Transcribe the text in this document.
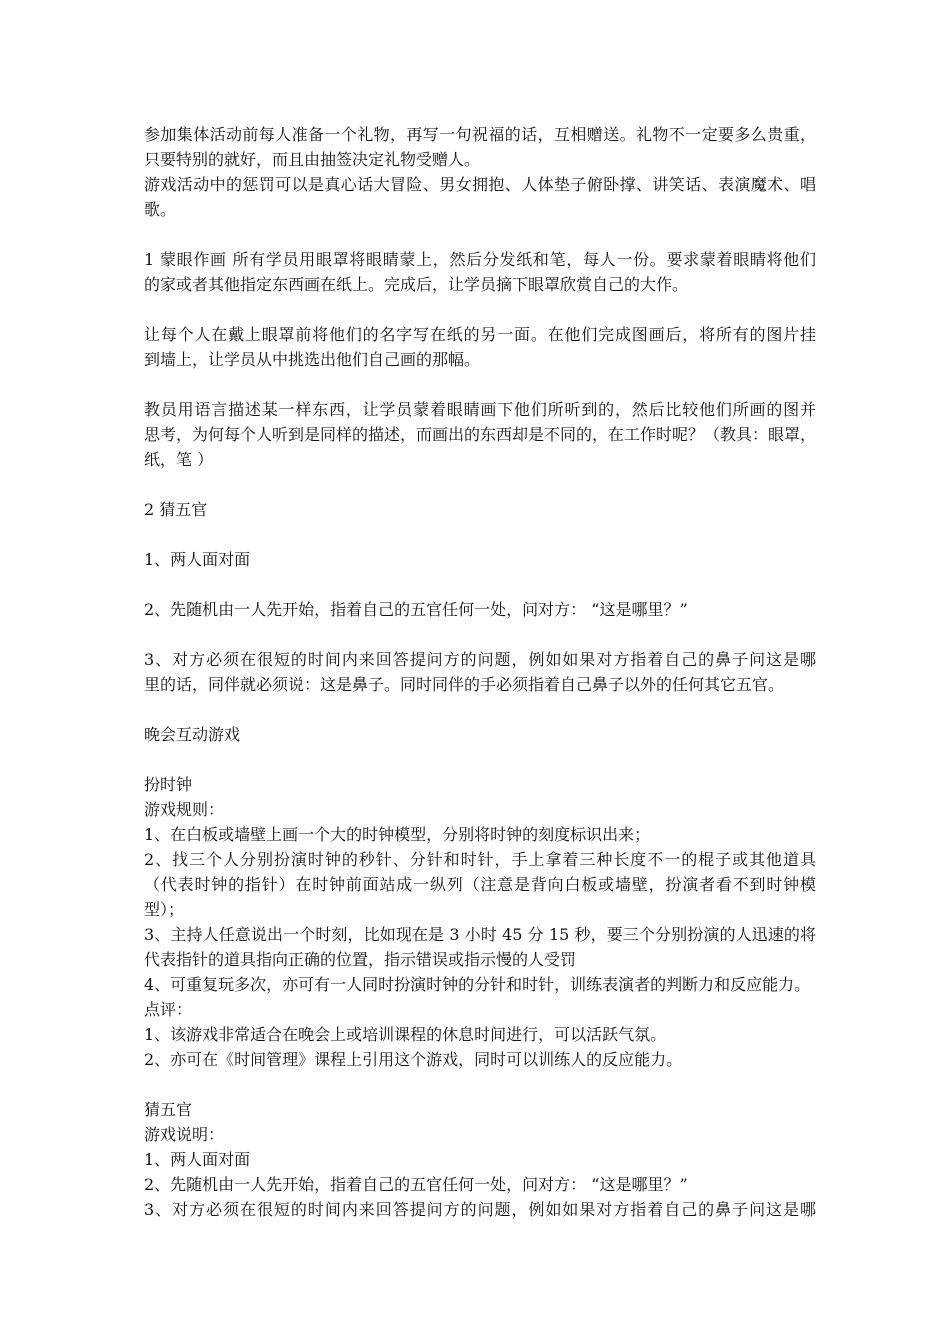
参加集体活动前每人准备一个礼物，再写一句祝福的话，互相赠送。礼物不一定要多么贵重，
只要特别的就好，而且由抽签决定礼物受赠人。
游戏活动中的惩罚可以是真心话大冒险、男女拥抱、人体垫子俯卧撑、讲笑话、表演魔术、唱
歌。
1 蒙眼作画 所有学员用眼罩将眼睛蒙上，然后分发纸和笔，每人一份。要求蒙着眼睛将他们
的家或者其他指定东西画在纸上。完成后，让学员摘下眼罩欣赏自己的大作。
让每个人在戴上眼罩前将他们的名字写在纸的另一面。在他们完成图画后，将所有的图片挂
到墙上，让学员从中挑选出他们自己画的那幅。
教员用语言描述某一样东西，让学员蒙着眼睛画下他们所听到的，然后比较他们所画的图并
思考，为何每个人听到是同样的描述，而画出的东西却是不同的，在工作时呢？（教具：眼罩，
纸，笔 ）
2 猜五官
1、两人面对面
2、先随机由一人先开始，指着自己的五官任何一处，问对方： “这是哪里？”
3、对方必须在很短的时间内来回答提问方的问题，例如如果对方指着自己的鼻子问这是哪
里的话，同伴就必须说：这是鼻子。同时同伴的手必须指着自己鼻子以外的任何其它五官。
晚会互动游戏
扮时钟
游戏规则：
1、在白板或墙壁上画一个大的时钟模型，分别将时钟的刻度标识出来；
2、找三个人分别扮演时钟的秒针、分针和时针，手上拿着三种长度不一的棍子或其他道具
（代表时钟的指针）在时钟前面站成一纵列（注意是背向白板或墙壁，扮演者看不到时钟模
型）；
3、主持人任意说出一个时刻，比如现在是 3 小时 45 分 15 秒，要三个分别扮演的人迅速的将
代表指针的道具指向正确的位置，指示错误或指示慢的人受罚
4、可重复玩多次，亦可有一人同时扮演时钟的分针和时针，训练表演者的判断力和反应能力。
点评：
1、该游戏非常适合在晚会上或培训课程的休息时间进行，可以活跃气氛。
2、亦可在《时间管理》课程上引用这个游戏，同时可以训练人的反应能力。
猜五官
游戏说明：
1、两人面对面
2、先随机由一人先开始，指着自己的五官任何一处，问对方： “这是哪里？”
3、对方必须在很短的时间内来回答提问方的问题，例如如果对方指着自己的鼻子问这是哪
